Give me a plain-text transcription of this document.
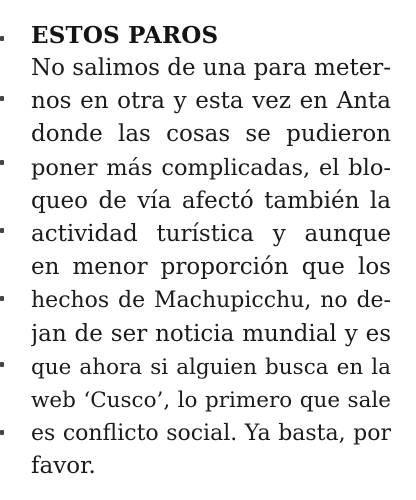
ESTOS PAROS
No salimos de una para meter-
nos en otra y esta vez en Anta
donde las cosas se pudieron
poner más complicadas, el blo-
queo de vía afectó también la
actividad turística y aunque
en menor proporción que los
hechos de Machupicchu, no de-
jan de ser noticia mundial y es
que ahora si alguien busca en la
web ‘Cusco’, lo primero que sale
es conflicto social. Ya basta, por
favor.
